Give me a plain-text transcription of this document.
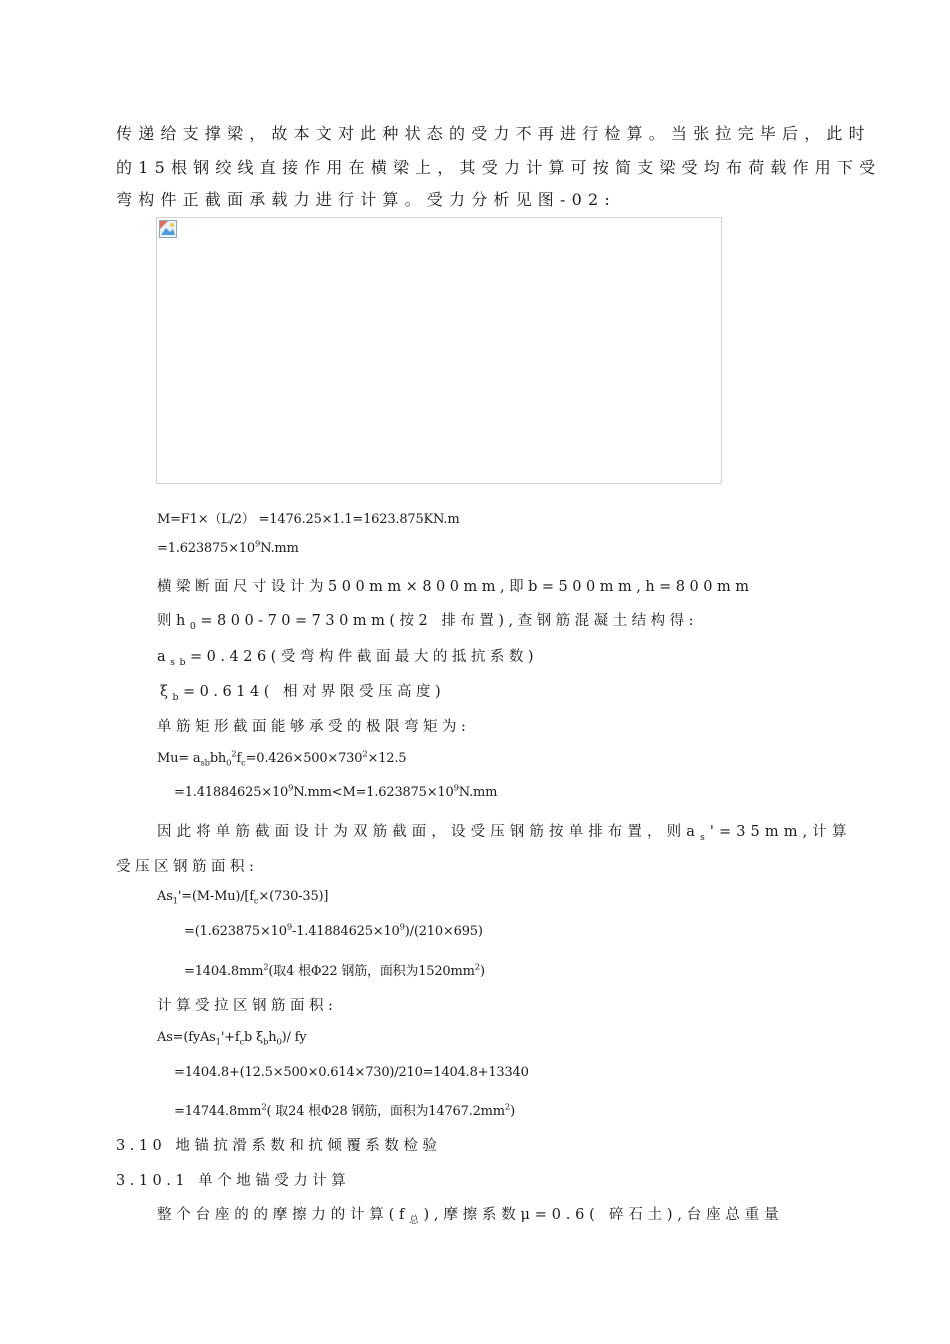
传递给支撑梁，故本文对此种状态的受力不再进行检算。当张拉完毕后，此时
的15根钢绞线直接作用在横梁上，其受力计算可按简支梁受均布荷载作用下受
弯构件正截面承载力进行计算。受力分析见图-02:
M=F1×（L/2） =1476.25×1.1=1623.875KN.m
$=1.623875\times 10^9N.mm$
横梁断面尺寸设计为500mm×800mm,即b=500mm,h=800mm
则$h_0=800-70=730mm$(按2 排布置),查钢筋混凝土结构得:
$a_{sb}=0.426$(受弯构件截面最大的抵抗系数)
$\xi_b=0.614$( 相对界限受压高度)
单筋矩形截面能够承受的极限弯矩为:
$Mu= a_{sb}bh_0^2f_c=0.426\times 500\times 730^2\times 12.5$
$=1.41884625\times 10^9N.mm<M=1.623875\times 10^9N.mm$
因此将单筋截面设计为双筋截面，设受压钢筋按单排布置，则$a_s'=35mm$,计算
受压区钢筋面积:
$As_1'=(M-Mu)/[f_c\times(730-35)]$
$=(1.623875\times 10^9-1.41884625\times 10^9)/(210\times 695)$
$=1404.8mm^2$(取4 根Φ22 钢筋，面积为$1520mm^2$)
计算受拉区钢筋面积:
$As=(fyAs_1'+f_cb$ $\xi_bh_0)/$ fy
=1404.8+(12.5×500×0.614×730)/210=1404.8+13340
$=14744.8mm^2$( 取24 根Φ28 钢筋，面积为$14767.2mm^2$)
3.10 地锚抗滑系数和抗倾覆系数检验
3.10.1 单个地锚受力计算
整个台座的的摩擦力的计算$(f_总)$,摩擦系数μ=0.6( 碎石土),台座总重量
